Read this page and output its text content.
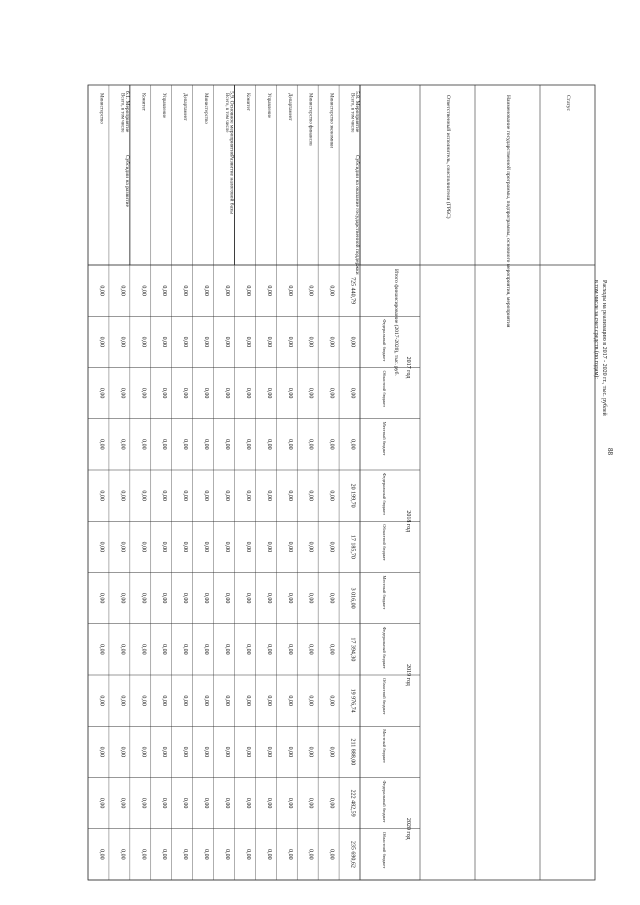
88
Расходы на реализацию в 2017 - 2020 гг., тыс. рублей
в том числе за счет средств (по годам):
Всего, в том числе
725 440,79
0,00
0,00
0,00
20 199,70
17 185,70
3 016,00
17 394,30
19 976,74
211 888,00
222 482,59
235 690,62
Министерство экономики
0,00
0,00
0,00
0,00
0,00
0,00
0,00
0,00
0,00
0,00
0,00
0,00
Министерство финансов
0,00
0,00
0,00
0,00
0,00
0,00
0,00
0,00
0,00
0,00
0,00
0,00
Департамент
0,00
0,00
0,00
0,00
0,00
0,00
0,00
0,00
0,00
0,00
0,00
0,00
Управление
0,00
0,00
0,00
0,00
0,00
0,00
0,00
0,00
0,00
0,00
0,00
0,00
Комитет
0,00
0,00
0,00
0,00
0,00
0,00
0,00
0,00
0,00
0,00
0,00
0,00
Всего, в том числе
0,00
0,00
0,00
0,00
0,00
0,00
0,00
0,00
0,00
0,00
0,00
0,00
Министерство
0,00
0,00
0,00
0,00
0,00
0,00
0,00
0,00
0,00
0,00
0,00
0,00
Департамент
0,00
0,00
0,00
0,00
0,00
0,00
0,00
0,00
0,00
0,00
0,00
0,00
Управление
0,00
0,00
0,00
0,00
0,00
0,00
0,00
0,00
0,00
0,00
0,00
0,00
Комитет
0,00
0,00
0,00
0,00
0,00
0,00
0,00
0,00
0,00
0,00
0,00
0,00
Всего, в том числе
0,00
0,00
0,00
0,00
0,00
0,00
0,00
0,00
0,00
0,00
0,00
0,00
Министерство
0,00
0,00
0,00
0,00
0,00
0,00
0,00
0,00
0,00
0,00
0,00
0,00
5.8. Мероприятие
Субсидии на оказание государственной поддержки
5.9. Основное мероприятие
Развитие налоговой базы
6.1. Мероприятие
Субсидии на развитие
Статус
Наименование государственной программы, подпрограммы, основного мероприятия, мероприятия
Ответственный исполнитель, соисполнители (ГРБС)
Итого финансирование (2017-2020), тыс. руб. 2017 год
2018 год
2019 год
2020 год
Федеральный бюджет
Областной бюджет
Местный бюджет
Федеральный бюджет
Областной бюджет
Местный бюджет
Федеральный бюджет
Областной бюджет
Местный бюджет
Федеральный бюджет
Областной бюджет
